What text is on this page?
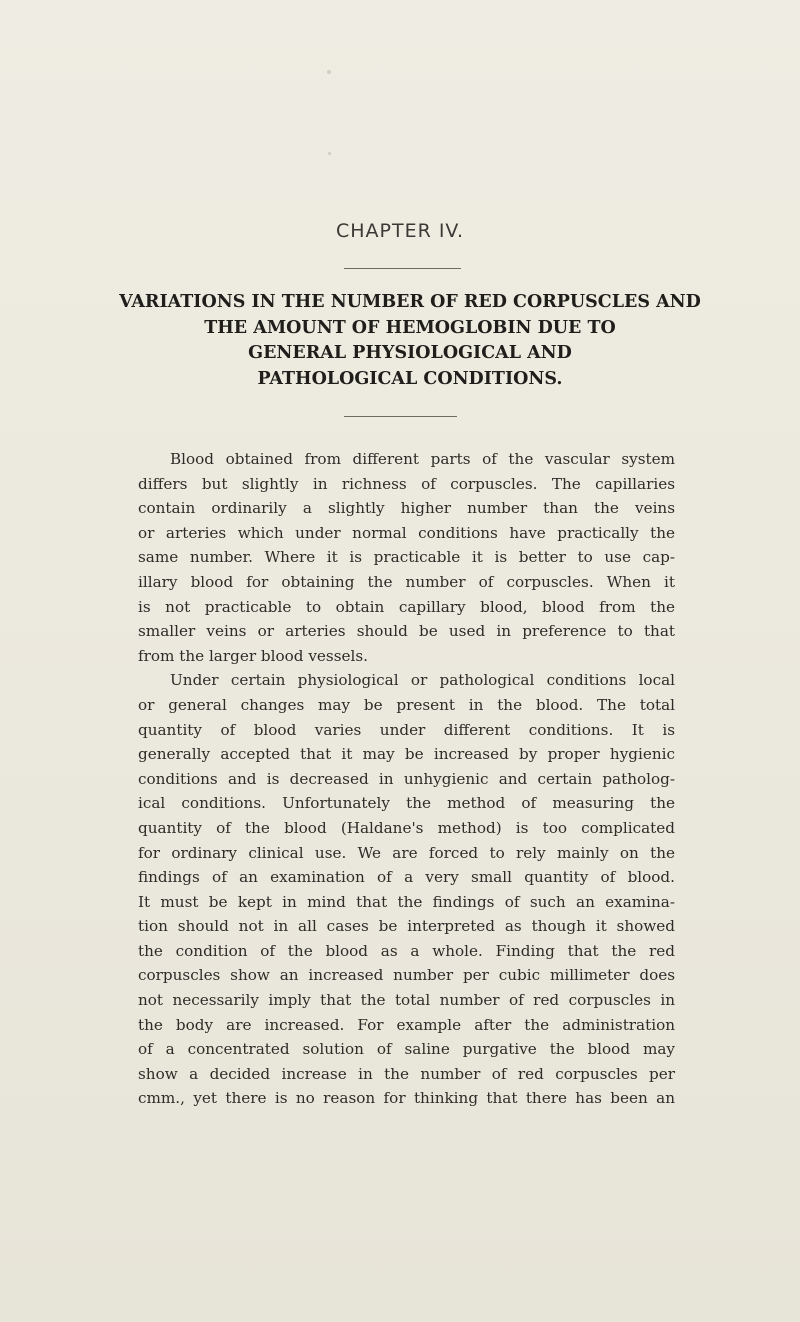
CHAPTER IV.
VARIATIONS IN THE NUMBER OF RED CORPUSCLES AND
THE AMOUNT OF HEMOGLOBIN DUE TO
GENERAL PHYSIOLOGICAL AND
PATHOLOGICAL CONDITIONS.
Blood obtained from different parts of the vascular system
differs but slightly in richness of corpuscles. The capillaries
contain ordinarily a slightly higher number than the veins
or arteries which under normal conditions have practically the
same number. Where it is practicable it is better to use cap-
illary blood for obtaining the number of corpuscles. When it
is not practicable to obtain capillary blood, blood from the
smaller veins or arteries should be used in preference to that
from the larger blood vessels.
Under certain physiological or pathological conditions local
or general changes may be present in the blood. The total
quantity of blood varies under different conditions. It is
generally accepted that it may be increased by proper hygienic
conditions and is decreased in unhygienic and certain patholog-
ical conditions. Unfortunately the method of measuring the
quantity of the blood (Haldane's method) is too complicated
for ordinary clinical use. We are forced to rely mainly on the
findings of an examination of a very small quantity of blood.
It must be kept in mind that the findings of such an examina-
tion should not in all cases be interpreted as though it showed
the condition of the blood as a whole. Finding that the red
corpuscles show an increased number per cubic millimeter does
not necessarily imply that the total number of red corpuscles in
the body are increased. For example after the administration
of a concentrated solution of saline purgative the blood may
show a decided increase in the number of red corpuscles per
cmm., yet there is no reason for thinking that there has been an
